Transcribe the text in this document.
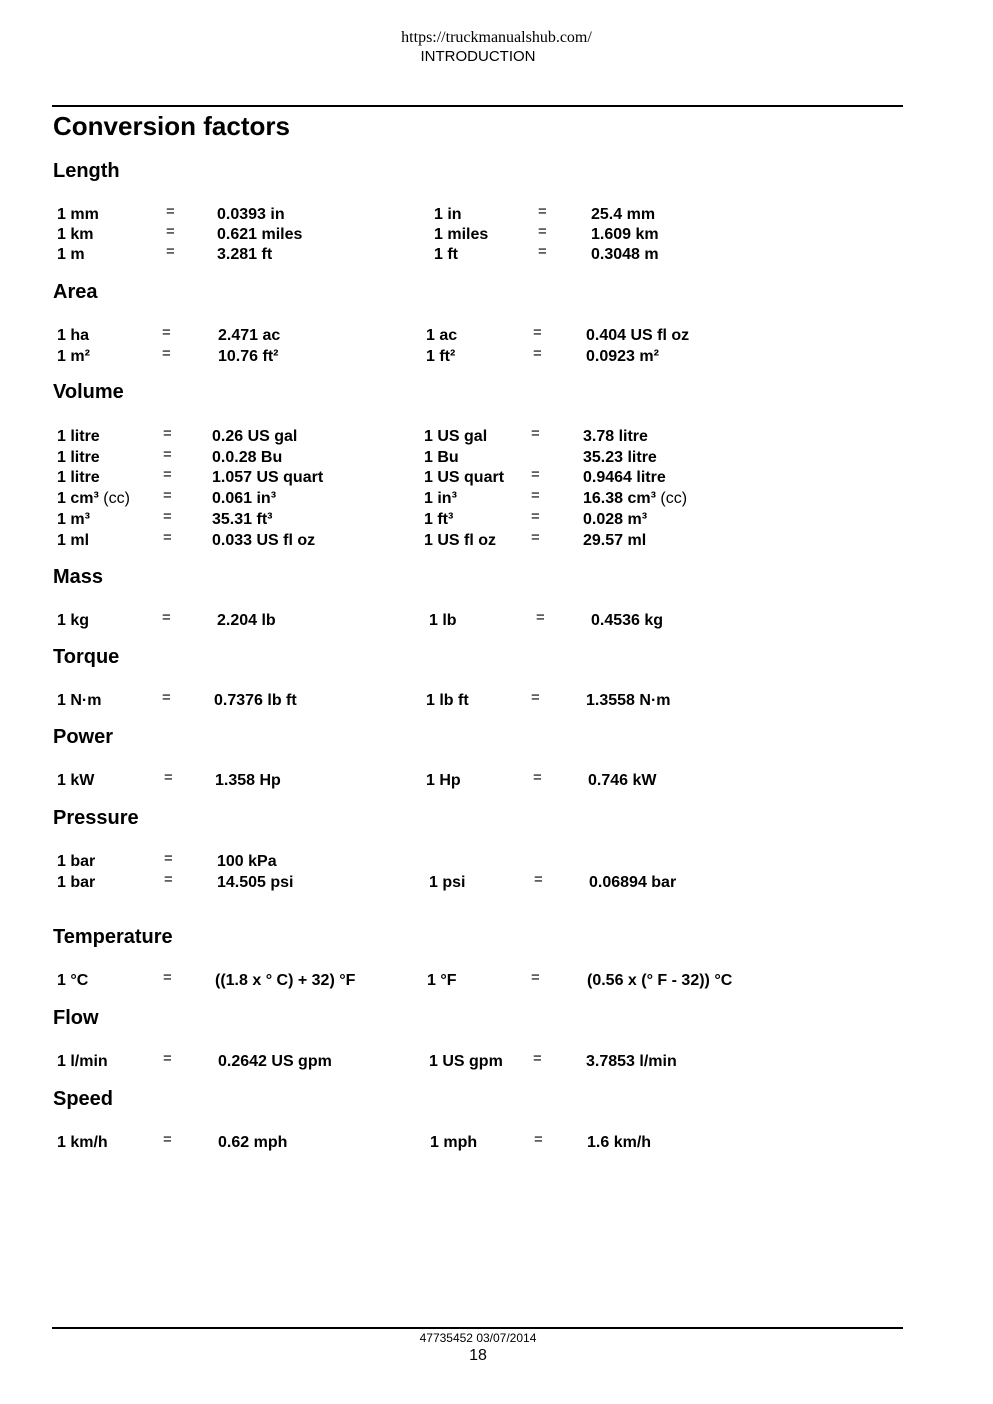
https://truckmanualshub.com/
INTRODUCTION
Conversion factors
Length
1 mm	=	0.0393 in	1 in	=	25.4 mm
1 km	=	0.621 miles	1 miles	=	1.609 km
1 m	=	3.281 ft	1 ft	=	0.3048 m
Area
1 ha	=	2.471 ac	1 ac	=	0.404 US fl oz
1 m²	=	10.76 ft²	1 ft²	=	0.0923 m²
Volume
1 litre	=	0.26 US gal	1 US gal	=	3.78 litre
1 litre	=	0.0.28 Bu	1 Bu	35.23 litre
1 litre	=	1.057 US quart	1 US quart =	0.9464 litre
1 cm³ (cc) =	0.061 in³	1 in³	=	16.38 cm³ (cc)
1 m³	=	35.31 ft³	1 ft³	=	0.028 m³
1 ml	=	0.033 US fl oz	1 US fl oz =	29.57 ml
Mass
1 kg	=	2.204 lb	1 lb	=	0.4536 kg
Torque
1 N·m	=	0.7376 lb ft	1 lb ft	=	1.3558 N·m
Power
1 kW	=	1.358 Hp	1 Hp	=	0.746 kW
Pressure
1 bar	=	100 kPa
1 bar	=	14.505 psi	1 psi	=	0.06894 bar
Temperature
1 °C	=	((1.8 x ° C) + 32) °F	1 °F	=	(0.56 x (° F - 32)) °C
Flow
1 l/min	=	0.2642 US gpm	1 US gpm =	3.7853 l/min
Speed
1 km/h	=	0.62 mph	1 mph	=	1.6 km/h
47735452 03/07/2014
18
